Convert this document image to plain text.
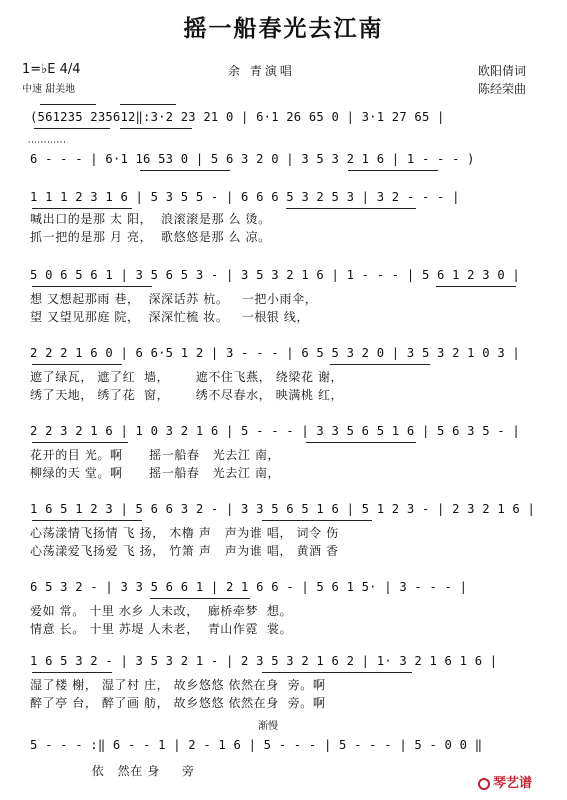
摇一船春光去江南
1=♭E 4/4
中速 甜美地
余 青演唱	欧阳倩词
陈经荣曲
(561235 235612‖:3·2 23 21 0 | 6·1 26 65 0 | 3·1 27 65 |
''''''''''''
6 - - - | 6·1 16 53 0 | 5 6 3 2 0 | 3 5 3 2 1 6 | 1 - - - )
1 1 1 2 3 1 6 | 5 3 5 5 - | 6 6 6 5 3 2 5 3 | 3 2 - - - |
喊出口的是那 太 阳，  浪滚滚是那 么 烫。
抓一把的是那 月 亮，  歌悠悠是那 么 凉。
5 0 6 5 6 1 | 3 5 6 5 3 - | 3 5 3 2 1 6 | 1 - - - | 5 6 1 2 3 0 |
想 又想起那雨 巷，  深深话苏 杭。   一把小雨伞，
望 又望见那庭 院，  深深忙梳 妆。   一根银 线，
2 2 2 1 6 0 | 6 6·5 1 2 | 3 - - - | 6 5 5 3 2 0 | 3 5 3 2 1 0 3 |
遮了绿瓦， 遮了红  墙，      遮不住飞燕， 绕梁花 谢，
绣了天地， 绣了花  窗，      绣不尽春水， 映满桃 红，
2 2 3 2 1 6 | 1 0 3 2 1 6 | 5 - - - | 3 3 5 6 5 1 6 | 5 6 3 5 - |
花开的目 光。啊      摇一船春   光去江 南，
柳绿的天 堂。啊      摇一船春   光去江 南，
1 6 5 1 2 3 | 5 6 6 3 2 - | 3 3 5 6 5 1 6 | 5 1 2 3 - | 2 3 2 1 6 |
心荡漾情飞扬情 飞 扬， 木橹 声   声为谁 唱， 词令 伤
心荡漾爱飞扬爱 飞 扬， 竹箫 声   声为谁 唱， 黄酒 香
6 5 3 2 - | 3 3 5 6 6 1 | 2 1 6 6 - | 5 6 1 5· | 3 - - - |
爱如 常。 十里 水乡 人未改，  廊桥牵梦  想。
情意 长。 十里 苏堤 人未老，  青山作霓  裳。
1 6 5 3 2 - | 3 5 3 2 1 - | 2 3 5 3 2 1 6 2 | 1· 3 2 1 6 1 6 |
湿了楼 榭， 湿了村 庄， 故乡悠悠 依然在身  旁。啊
醉了亭 台， 醉了画 舫， 故乡悠悠 依然在身  旁。啊
渐慢
5 - - - :‖ 6 - - 1 | 2 - 1 6 | 5 - - - | 5 - - - | 5 - 0 0 ‖
依   然在 身     旁
琴艺谱
